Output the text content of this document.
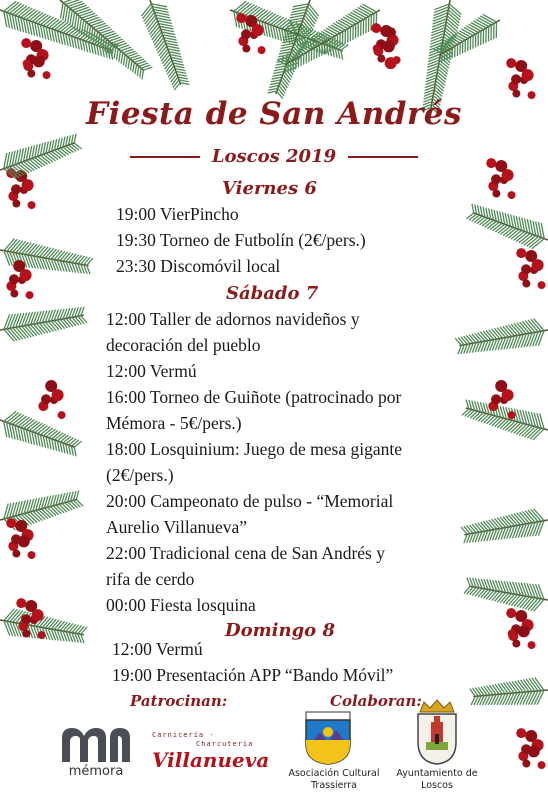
Fiesta de San Andrés
Loscos 2019
Viernes 6
19:00 VierPincho
19:30 Torneo de Futbolín (2€/pers.)
23:30 Discomóvil local
Sábado 7
12:00 Taller de adornos navideños y
decoración del pueblo
12:00 Vermú
16:00 Torneo de Guiñote (patrocinado por
Mémora - 5€/pers.)
18:00 Losquinium: Juego de mesa gigante
(2€/pers.)
20:00 Campeonato de pulso - “Memorial
Aurelio Villanueva”
22:00 Tradicional cena de San Andrés y
rifa de cerdo
00:00 Fiesta losquina
Domingo 8
12:00 Vermú
19:00 Presentación APP “Bando Móvil”
Patrocinan:	Colaboran:
mémora
Carniceria -
Charcuteria
Villanueva
Asociación Cultural
Trassierra
Ayuntamiento de
Loscos
